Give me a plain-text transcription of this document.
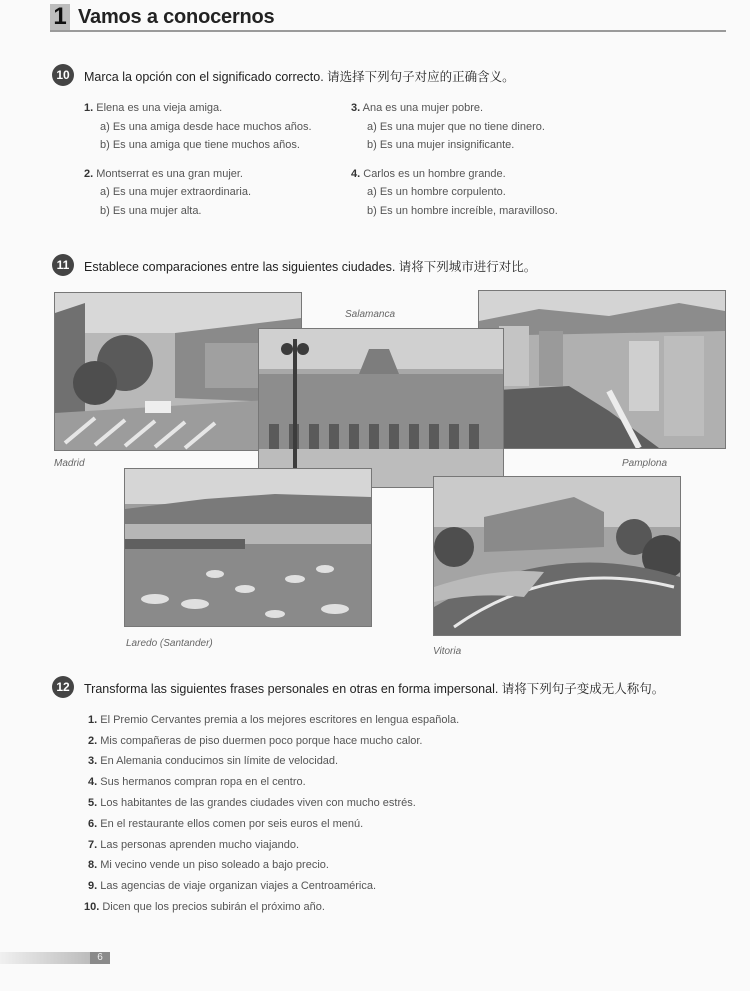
1 Vamos a conocernos
10	Marca la opción con el significado correcto. 请选择下列句子对应的正确含义。
1. Elena es una vieja amiga.
a) Es una amiga desde hace muchos años.
b) Es una amiga que tiene muchos años.
2. Montserrat es una gran mujer.
a) Es una mujer extraordinaria.
b) Es una mujer alta.
3. Ana es una mujer pobre.
a) Es una mujer que no tiene dinero.
b) Es una mujer insignificante.
4. Carlos es un hombre grande.
a) Es un hombre corpulento.
b) Es un hombre increíble, maravilloso.
11	Establece comparaciones entre las siguientes ciudades. 请将下列城市进行对比。
Madrid	Pamplona
Salamanca
Laredo (Santander)
Vitoria
12	Transforma las siguientes frases personales en otras en forma impersonal. 请将下列句子变成无人称句。
1. El Premio Cervantes premia a los mejores escritores en lengua española.
2. Mis compañeras de piso duermen poco porque hace mucho calor.
3. En Alemania conducimos sin límite de velocidad.
4. Sus hermanos compran ropa en el centro.
5. Los habitantes de las grandes ciudades viven con mucho estrés.
6. En el restaurante ellos comen por seis euros el menú.
7. Las personas aprenden mucho viajando.
8. Mi vecino vende un piso soleado a bajo precio.
9. Las agencias de viaje organizan viajes a Centroamérica.
10. Dicen que los precios subirán el próximo año.
6
